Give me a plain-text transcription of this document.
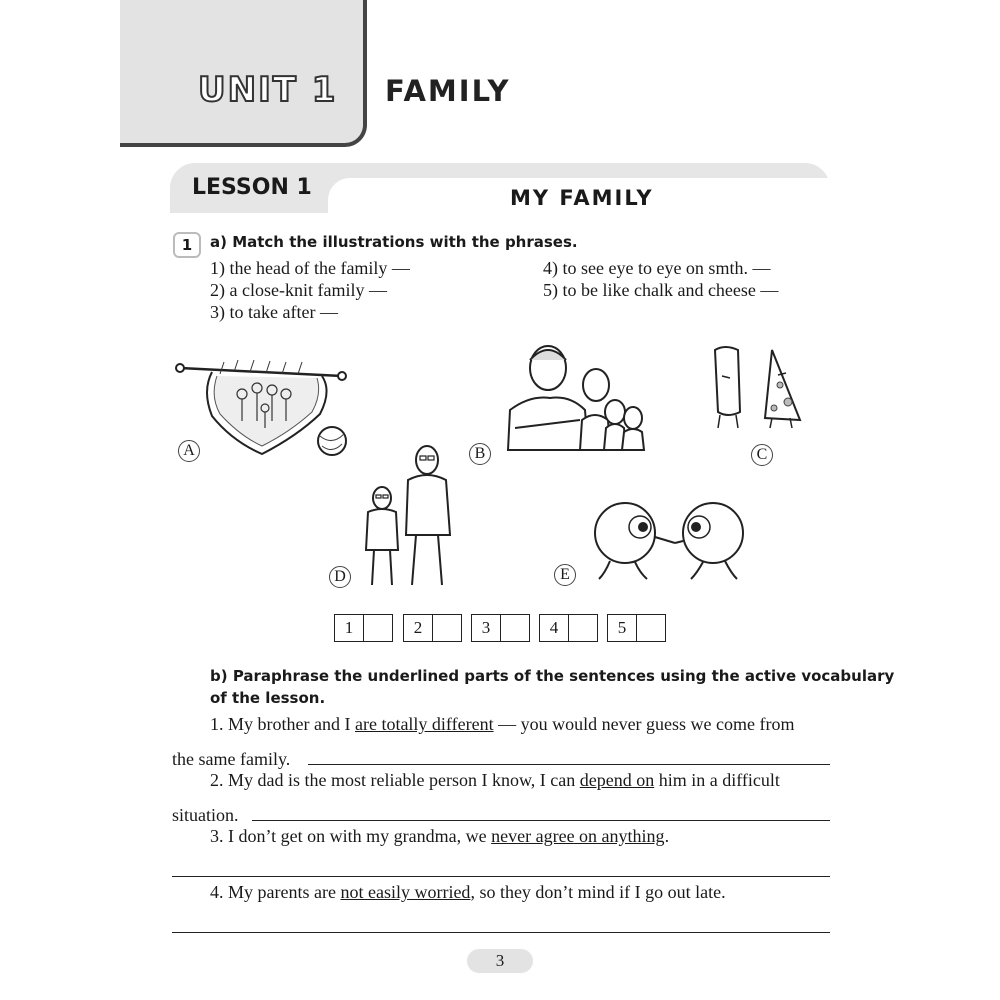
UNIT 1 FAMILY
LESSON 1	MY FAMILY
1	a) Match the illustrations with the phrases.
1) the head of the family —
2) a close-knit family —
3) to take after —
4) to see eye to eye on smth. —
5) to be like chalk and cheese —
A	B	C
D	E
1	2	3	4	5
b) Paraphrase the underlined parts of the sentences using the active vocabulary
of the lesson.
1. My brother and I are totally different — you would never guess we come from
the same family.
2. My dad is the most reliable person I know, I can depend on him in a difficult
situation.
3. I don’t get on with my grandma, we never agree on anything.
4. My parents are not easily worried, so they don’t mind if I go out late.
3
